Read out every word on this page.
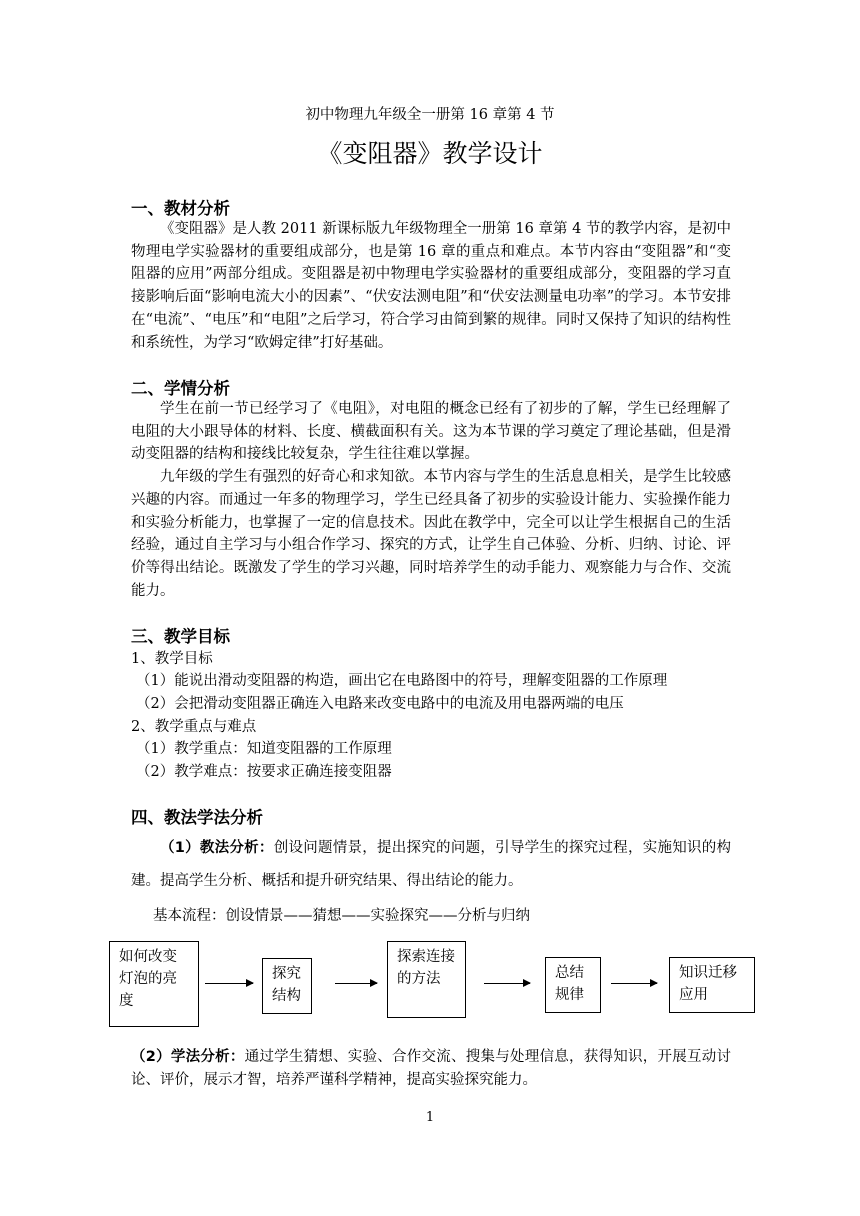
初中物理九年级全一册第 16 章第 4 节
《变阻器》教学设计
一、教材分析

《变阻器》是人教 2011 新课标版九年级物理全一册第 16 章第 4 节的教学内容，是初中物理电学实验器材的重要组成部分，也是第 16 章的重点和难点。本节内容由“变阻器”和“变阻器的应用”两部分组成。变阻器是初中物理电学实验器材的重要组成部分，变阻器的学习直接影响后面“影响电流大小的因素”、“伏安法测电阻”和“伏安法测量电功率”的学习。本节安排在“电流”、“电压”和“电阻”之后学习，符合学习由简到繁的规律。同时又保持了知识的结构性和系统性，为学习“欧姆定律”打好基础。

二、学情分析

学生在前一节已经学习了《电阻》，对电阻的概念已经有了初步的了解，学生已经理解了电阻的大小跟导体的材料、长度、横截面积有关。这为本节课的学习奠定了理论基础，但是滑动变阻器的结构和接线比较复杂，学生往往难以掌握。

九年级的学生有强烈的好奇心和求知欲。本节内容与学生的生活息息相关，是学生比较感兴趣的内容。而通过一年多的物理学习，学生已经具备了初步的实验设计能力、实验操作能力和实验分析能力，也掌握了一定的信息技术。因此在教学中，完全可以让学生根据自己的生活经验，通过自主学习与小组合作学习、探究的方式，让学生自己体验、分析、归纳、讨论、评价等得出结论。既激发了学生的学习兴趣，同时培养学生的动手能力、观察能力与合作、交流能力。

三、教学目标
1、教学目标
（1）能说出滑动变阻器的构造，画出它在电路图中的符号，理解变阻器的工作原理
（2）会把滑动变阻器正确连入电路来改变电路中的电流及用电器两端的电压
2、教学重点与难点
（1）教学重点：知道变阻器的工作原理
（2）教学难点：按要求正确连接变阻器
四、教法学法分析

（1）教法分析：创设问题情景，提出探究的问题，引导学生的探究过程，实施知识的构建。提高学生分析、概括和提升研究结果、得出结论的能力。

基本流程：创设情景——猜想——实验探究——分析与归纳
如何改变灯泡的亮度
探究结构
探索连接的方法	总结规律
知识迁移应用

（2）学法分析：通过学生猜想、实验、合作交流、搜集与处理信息，获得知识，开展互动讨论、评价，展示才智，培养严谨科学精神，提高实验探究能力。

1
